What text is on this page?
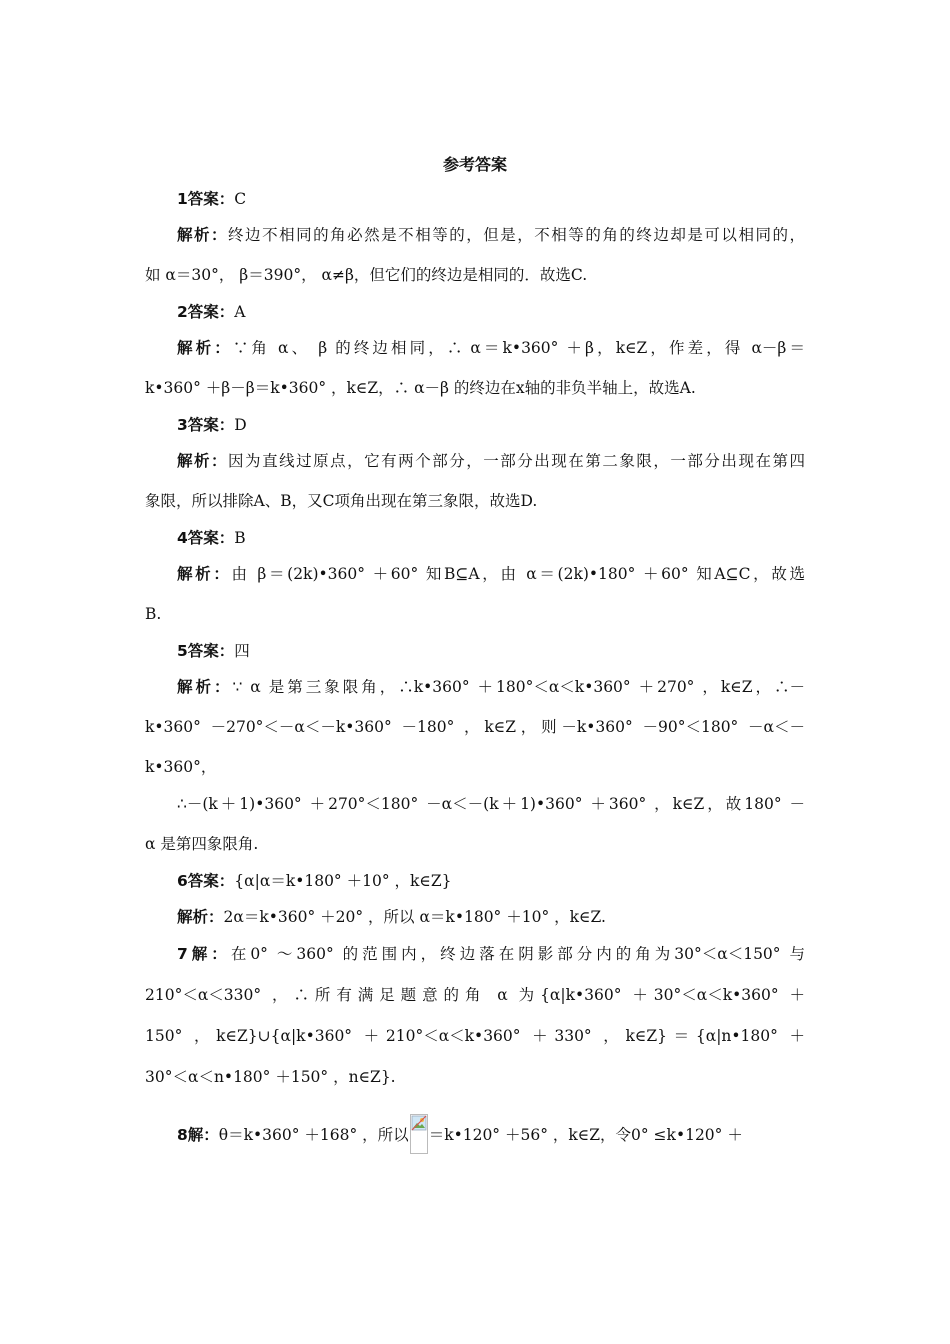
参考答案
1答案：C
解析：终边不相同的角必然是不相等的，但是，不相等的角的终边却是可以相同的，
如 α＝30°， β＝390°， α≠β，但它们的终边是相同的．故选C.
2答案：A
解析：∵角 α、 β 的终边相同，∴ α＝k•360° ＋β，k∈Z，作差，得 α－β＝
k•360° ＋β－β＝k•360° ，k∈Z，∴ α－β 的终边在x轴的非负半轴上，故选A.
3答案：D
解析：因为直线过原点，它有两个部分，一部分出现在第二象限，一部分出现在第四
象限，所以排除A、B，又C项角出现在第三象限，故选D.
4答案：B
解析：由 β＝(2k)•360° ＋60° 知B⊆A，由 α＝(2k)•180° ＋60° 知A⊆C，故选
B.
5答案：四
解析：∵ α 是第三象限角，∴k•360° ＋180°＜α＜k•360° ＋270° ，k∈Z，∴－
k•360° －270°＜－α＜－k•360° －180° ，k∈Z，则－k•360° －90°＜180° －α＜－
k•360°，
∴－(k＋1)•360° ＋270°＜180° －α＜－(k＋1)•360° ＋360° ，k∈Z，故180° －
α 是第四象限角.
6答案：{α|α＝k•180° ＋10° ，k∈Z}
解析：2α＝k•360° ＋20° ，所以 α＝k•180° ＋10° ，k∈Z.
7解：在0° ～360° 的范围内，终边落在阴影部分内的角为30°＜α＜150° 与
210°＜α＜330° ，∴所有满足题意的角 α 为{α|k•360° ＋30°＜α＜k•360° ＋
150° ，k∈Z}∪{α|k•360° ＋210°＜α＜k•360° ＋330° ，k∈Z}＝{α|n•180° ＋
30°＜α＜n•180° ＋150° ，n∈Z}.
8解：θ＝k•360° ＋168° ，所以 ＝k•120° ＋56° ，k∈Z，令0° ≤k•120° ＋
